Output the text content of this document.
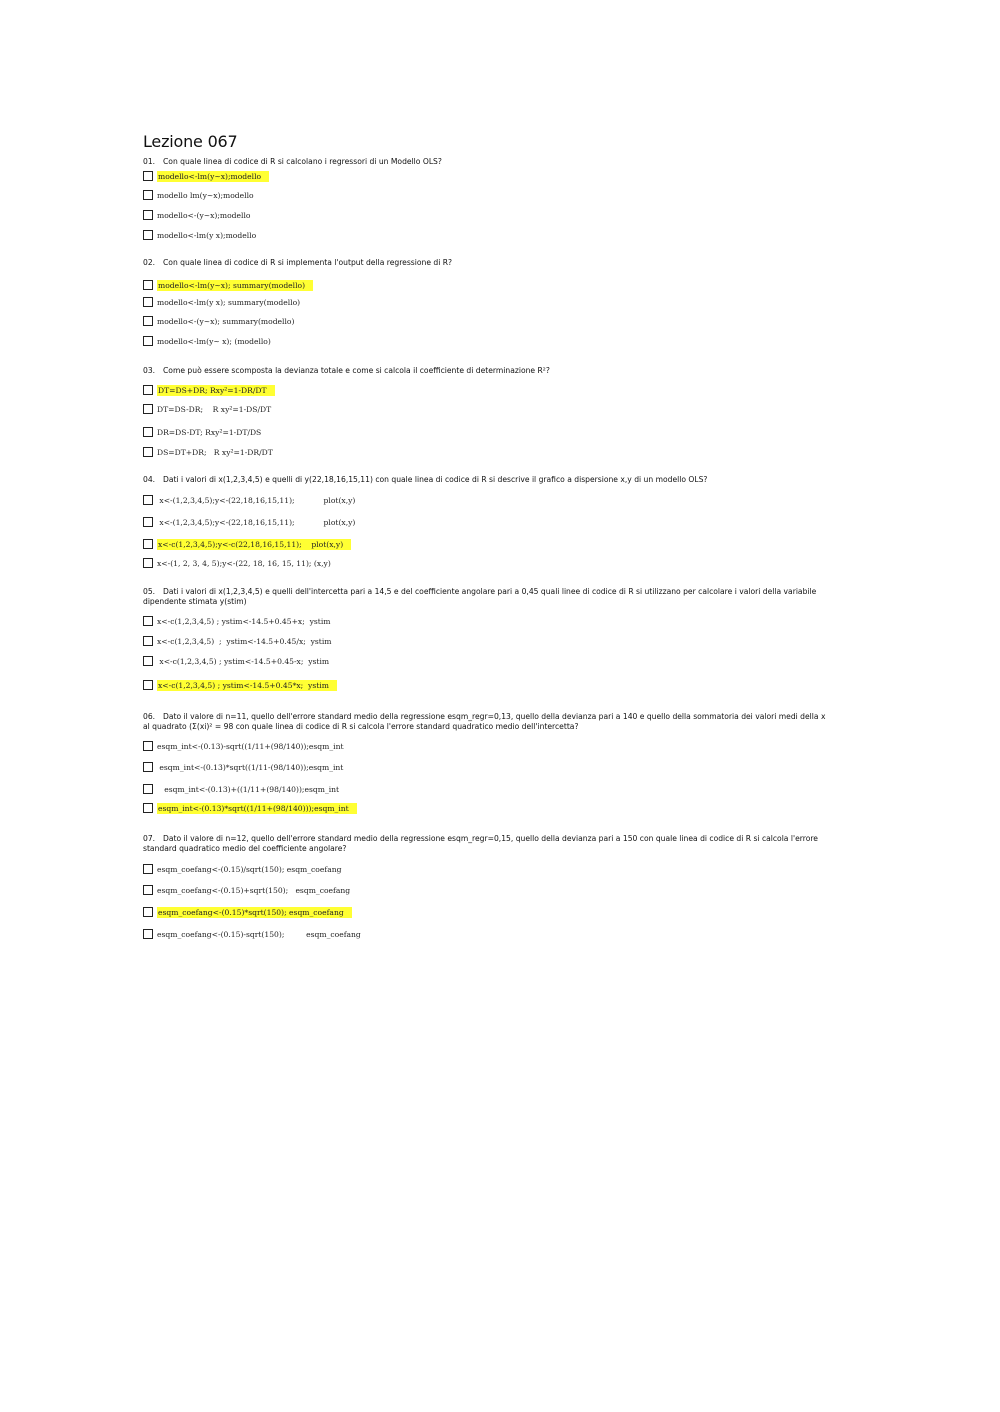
Lezione 067

01. Con quale linea di codice di R si calcolano i regressori di un Modello OLS?

modello<-lm(y~x);modello
modello lm(y~x);modello
modello<-(y~x);modello
modello<-lm(y x);modello

02. Con quale linea di codice di R si implementa l'output della regressione di R?

modello<-lm(y~x); summary(modello)
modello<-lm(y x); summary(modello)
modello<-(y~x); summary(modello)
modello<-lm(y~ x); (modello)

03. Come può essere scomposta la devianza totale e come si calcola il coefficiente di determinazione R²?

DT=DS+DR; Rxy²=1-DR/DT
DT=DS-DR;    R xy²=1-DS/DT
DR=DS-DT; Rxy²=1-DT/DS
DS=DT+DR;   R xy²=1-DR/DT

04. Dati i valori di x(1,2,3,4,5) e quelli di y(22,18,16,15,11) con quale linea di codice di R si descrive il grafico a dispersione x,y di un modello OLS?

x<-(1,2,3,4,5);y<-(22,18,16,15,11);            plot(x,y)
x<-(1,2,3,4,5);y<-(22,18,16,15,11);            plot(x,y)
x<-c(1,2,3,4,5);y<-c(22,18,16,15,11);    plot(x,y)
x<-(1, 2, 3, 4, 5);y<-(22, 18, 16, 15, 11); (x,y)

05. Dati i valori di x(1,2,3,4,5) e quelli dell'intercetta pari a 14,5 e del coefficiente angolare pari a 0,45 quali linee di codice di R si utilizzano per calcolare i valori della variabile dipendente stimata y(stim)

x<-c(1,2,3,4,5) ; ystim<-14.5+0.45+x;  ystim
x<-c(1,2,3,4,5)  ;  ystim<-14.5+0.45/x;  ystim
x<-c(1,2,3,4,5) ; ystim<-14.5+0.45-x;  ystim
x<-c(1,2,3,4,5) ; ystim<-14.5+0.45*x;  ystim

06. Dato il valore di n=11, quello dell'errore standard medio della regressione esqm_regr=0,13, quello della devianza pari a 140 e quello della sommatoria dei valori medi della x al quadrato (Σ(xi)² = 98 con quale linea di codice di R si calcola l'errore standard quadratico medio dell'intercetta?

esqm_int<-(0.13)-sqrt((1/11+(98/140));esqm_int
esqm_int<-(0.13)*sqrt((1/11-(98/140));esqm_int
esqm_int<-(0.13)+((1/11+(98/140));esqm_int
esqm_int<-(0.13)*sqrt((1/11+(98/140)));esqm_int

07. Dato il valore di n=12, quello dell'errore standard medio della regressione esqm_regr=0,15, quello della devianza pari a 150 con quale linea di codice di R si calcola l'errore standard quadratico medio del coefficiente angolare?

esqm_coefang<-(0.15)/sqrt(150); esqm_coefang
esqm_coefang<-(0.15)+sqrt(150);   esqm_coefang
esqm_coefang<-(0.15)*sqrt(150); esqm_coefang
esqm_coefang<-(0.15)-sqrt(150);         esqm_coefang
